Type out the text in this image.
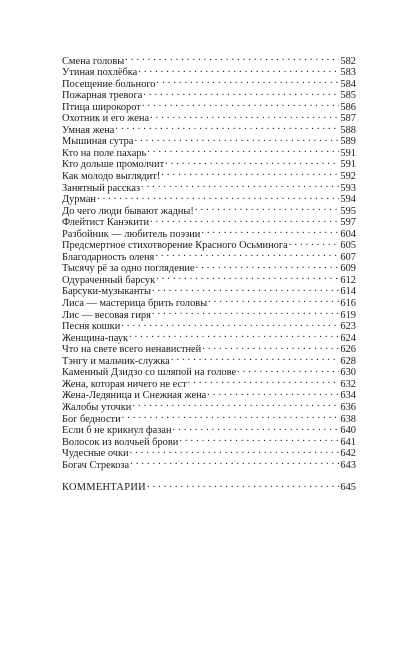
Смена головы . . .	582
Утиная похлёбка . . .	583
Посещение больного . . .	584
Пожарная тревога . . .	585
Птица широкорот . . .	586
Охотник и его жена . . .	587
Умная жена . . .	588
Мышиная сутра . . .	589
Кто на поле пахарь . . .	591
Кто дольше промолчит . . .	591
Как молодо выглядит! . . .	592
Занятный рассказ . . .	593
Дурман . . .	594
До чего люди бывают жадны! . . .	595
Флейтист Канэкити . . .	597
Разбойник — любитель поэзии . . .	604
Предсмертное стихотворение Красного Осьминога . . .	605
Благодарность оленя . . .	607
Тысячу рё за одно поглядение . . .	609
Одураченный барсук . . .	612
Барсуки-музыканты . . .	614
Лиса — мастерица брить головы . . .	616
Лис — весовая гиря . . .	619
Песня кошки . . .	623
Женщина-паук . . .	624
Что на свете всего ненавистней . . .	626
Тэнгу и мальчик-служка . . .	628
Каменный Дзидзо со шляпой на голове . . .	630
Жена, которая ничего не ест . . .	632
Жена-Ледяница и Снежная жена . . .	634
Жалобы уточки . . .	636
Бог бедности . . .	638
Если б не крикнул фазан . . .	640
Волосок из волчьей брови . . .	641
Чудесные очки . . .	642
Богач Стрекоза . . .	643
КОММЕНТАРИИ . . .	645
